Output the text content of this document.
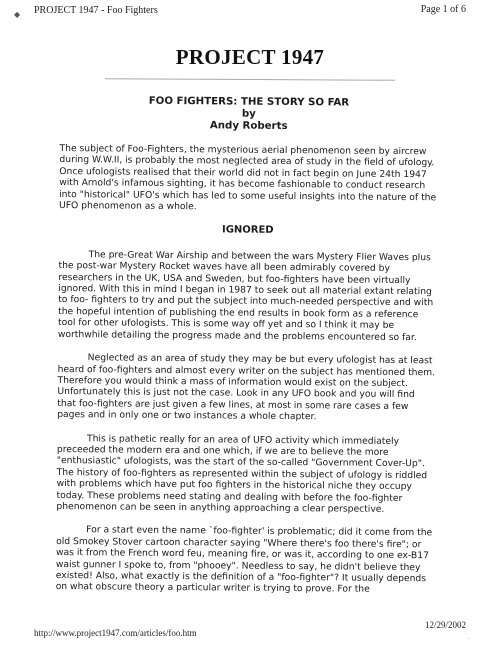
◆ PROJECT 1947 - Foo Fighters	Page 1 of 6
PROJECT 1947
FOO FIGHTERS: THE STORY SO FAR
by
Andy Roberts

The subject of Foo-Fighters, the mysterious aerial phenomenon seen by aircrew during W.W.II, is probably the most neglected area of study in the field of ufology. Once ufologists realised that their world did not in fact begin on June 24th 1947 with Arnold's infamous sighting, it has become fashionable to conduct research into "historical" UFO's which has led to some useful insights into the nature of the UFO phenomenon as a whole.

IGNORED

The pre-Great War Airship and between the wars Mystery Flier Waves plus the post-war Mystery Rocket waves have all been admirably covered by researchers in the UK, USA and Sweden, but foo-fighters have been virtually ignored. With this in mind I began in 1987 to seek out all material extant relating to foo- fighters to try and put the subject into much-needed perspective and with the hopeful intention of publishing the end results in book form as a reference tool for other ufologists. This is some way off yet and so I think it may be worthwhile detailing the progress made and the problems encountered so far.

Neglected as an area of study they may be but every ufologist has at least heard of foo-fighters and almost every writer on the subject has mentioned them. Therefore you would think a mass of information would exist on the subject. Unfortunately this is just not the case. Look in any UFO book and you will find that foo-fighters are just given a few lines, at most in some rare cases a few pages and in only one or two instances a whole chapter.

This is pathetic really for an area of UFO activity which immediately preceeded the modern era and one which, if we are to believe the more "enthusiastic" ufologists, was the start of the so-called "Government Cover-Up". The history of foo-fighters as represented within the subject of ufology is riddled with problems which have put foo fighters in the historical niche they occupy today. These problems need stating and dealing with before the foo-fighter phenomenon can be seen in anything approaching a clear perspective.

For a start even the name `foo-fighter' is problematic; did it come from the old Smokey Stover cartoon character saying "Where there's foo there's fire"; or was it from the French word feu, meaning fire, or was it, according to one ex-B17 waist gunner I spoke to, from "phooey". Needless to say, he didn't believe they existed! Also, what exactly is the definition of a "foo-fighter"? It usually depends on what obscure theory a particular writer is trying to prove. For the

http://www.project1947.com/articles/foo.htm
12/29/2002
·
